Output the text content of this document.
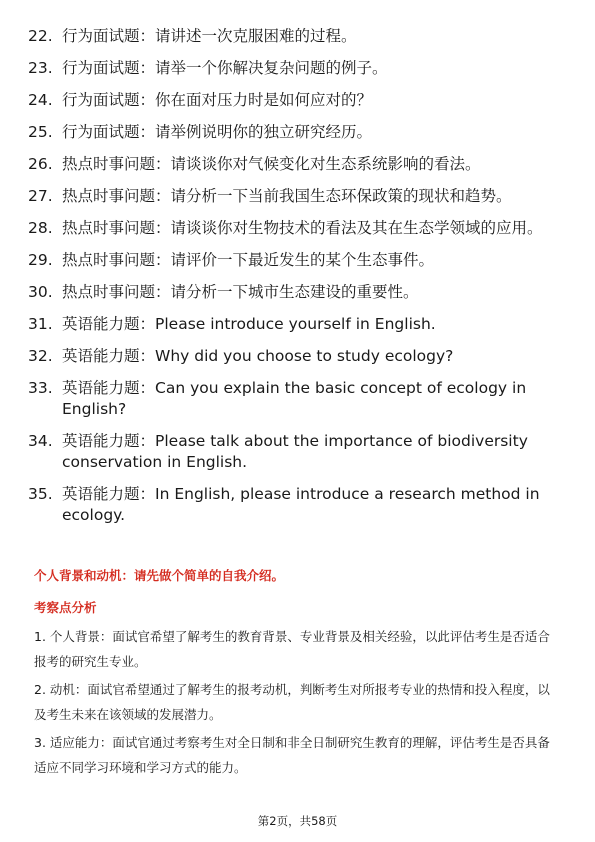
22. 行为面试题：请讲述一次克服困难的过程。
23. 行为面试题：请举一个你解决复杂问题的例子。
24. 行为面试题：你在面对压力时是如何应对的？
25. 行为面试题：请举例说明你的独立研究经历。
26. 热点时事问题：请谈谈你对气候变化对生态系统影响的看法。
27. 热点时事问题：请分析一下当前我国生态环保政策的现状和趋势。
28. 热点时事问题：请谈谈你对生物技术的看法及其在生态学领域的应用。
29. 热点时事问题：请评价一下最近发生的某个生态事件。
30. 热点时事问题：请分析一下城市生态建设的重要性。
31. 英语能力题：Please introduce yourself in English.
32. 英语能力题：Why did you choose to study ecology?
33. 英语能力题：Can you explain the basic concept of ecology in English?
34. 英语能力题：Please talk about the importance of biodiversity conservation in English.
35. 英语能力题：In English, please introduce a research method in ecology.
个人背景和动机：请先做个简单的自我介绍。
考察点分析
1. 个人背景：面试官希望了解考生的教育背景、专业背景及相关经验，以此评估考生是否适合报考的研究生专业。
2. 动机：面试官希望通过了解考生的报考动机，判断考生对所报考专业的热情和投入程度，以及考生未来在该领域的发展潜力。
3. 适应能力：面试官通过考察考生对全日制和非全日制研究生教育的理解，评估考生是否具备适应不同学习环境和学习方式的能力。
第2页，共58页
